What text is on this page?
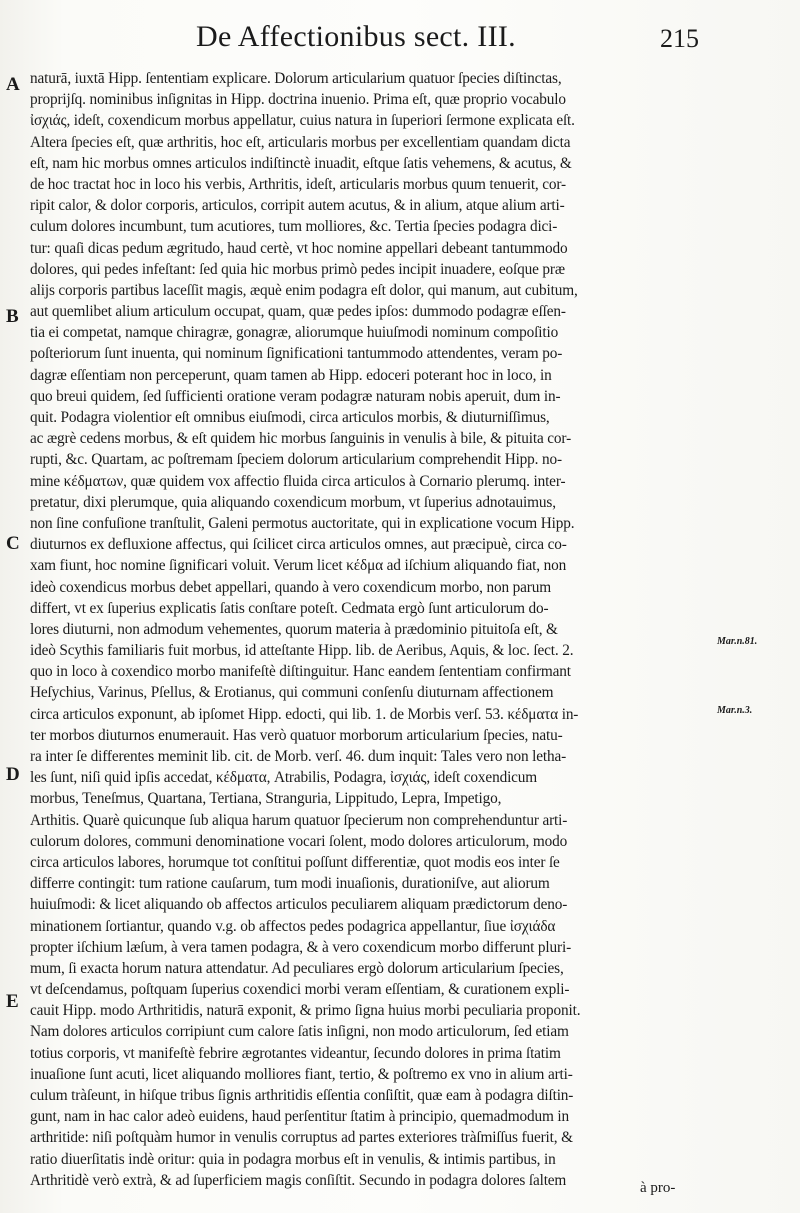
De Affectionibus sect. III.	215
A
B
C
D
E
Mar.n.81.
Mar.n.3.
naturā, iuxtā Hipp. ſententiam explicare. Dolorum articularium quatuor ſpecies diſtinctas,
proprijſq. nominibus inſignitas in Hipp. doctrina inuenio. Prima eſt, quæ proprio vocabulo
ἰσχιάς, ideſt, coxendicum morbus appellatur, cuius natura in ſuperiori ſermone explicata eſt.
Altera ſpecies eſt, quæ arthritis, hoc eſt, articularis morbus per excellentiam quandam dicta
eſt, nam hic morbus omnes articulos indiſtinctè inuadit, eſtque ſatis vehemens, & acutus, &
de hoc tractat hoc in loco his verbis, Arthritis, ideſt, articularis morbus quum tenuerit, cor-
ripit calor, & dolor corporis, articulos, corripit autem acutus, & in alium, atque alium arti-
culum dolores incumbunt, tum acutiores, tum molliores, &c. Tertia ſpecies podagra dici-
tur: quaſi dicas pedum ægritudo, haud certè, vt hoc nomine appellari debeant tantummodo
dolores, qui pedes infeſtant: ſed quia hic morbus primò pedes incipit inuadere, eoſque præ
alijs corporis partibus laceſſit magis, æquè enim podagra eſt dolor, qui manum, aut cubitum,
aut quemlibet alium articulum occupat, quam, quæ pedes ipſos: dummodo podagræ eſſen-
tia ei competat, namque chiragræ, gonagræ, aliorumque huiuſmodi nominum compoſitio
poſteriorum ſunt inuenta, qui nominum ſignificationi tantummodo attendentes, veram po-
dagræ eſſentiam non perceperunt, quam tamen ab Hipp. edoceri poterant hoc in loco, in
quo breui quidem, ſed ſufficienti oratione veram podagræ naturam nobis aperuit, dum in-
quit. Podagra violentior eſt omnibus eiuſmodi, circa articulos morbis, & diuturniſſimus,
ac ægrè cedens morbus, & eſt quidem hic morbus ſanguinis in venulis à bile, & pituita cor-
rupti, &c. Quartam, ac poſtremam ſpeciem dolorum articularium comprehendit Hipp. no-
mine κέδματων, quæ quidem vox affectio fluida circa articulos à Cornario plerumq. inter-
pretatur, dixi plerumque, quia aliquando coxendicum morbum, vt ſuperius adnotauimus,
non ſine confuſione tranſtulit, Galeni permotus auctoritate, qui in explicatione vocum Hipp.
diuturnos ex defluxione affectus, qui ſcilicet circa articulos omnes, aut præcipuè, circa co-
xam fiunt, hoc nomine ſignificari voluit. Verum licet κέδμα ad iſchium aliquando fiat, non
ideò coxendicus morbus debet appellari, quando à vero coxendicum morbo, non parum
differt, vt ex ſuperius explicatis ſatis conſtare poteſt. Cedmata ergò ſunt articulorum do-
lores diuturni, non admodum vehementes, quorum materia à prædominio pituitoſa eſt, &
ideò Scythis familiaris fuit morbus, id atteſtante Hipp. lib. de Aeribus, Aquis, & loc. ſect. 2.
quo in loco à coxendico morbo manifeſtè diſtinguitur. Hanc eandem ſententiam confirmant
Heſychius, Varinus, Pſellus, & Erotianus, qui communi conſenſu diuturnam affectionem
circa articulos exponunt, ab ipſomet Hipp. edocti, qui lib. 1. de Morbis verſ. 53. κέδματα in-
ter morbos diuturnos enumerauit. Has verò quatuor morborum articularium ſpecies, natu-
ra inter ſe differentes meminit lib. cit. de Morb. verſ. 46. dum inquit: Tales vero non letha-
les ſunt, niſi quid ipſis accedat, κέδματα, Atrabilis, Podagra, ἰσχιάς, ideſt coxendicum
morbus, Teneſmus, Quartana, Tertiana, Stranguria, Lippitudo, Lepra, Impetigo,
Arthitis. Quarè quicunque ſub aliqua harum quatuor ſpecierum non comprehenduntur arti-
culorum dolores, communi denominatione vocari ſolent, modo dolores articulorum, modo
circa articulos labores, horumque tot conſtitui poſſunt differentiæ, quot modis eos inter ſe
differre contingit: tum ratione cauſarum, tum modi inuaſionis, durationiſve, aut aliorum
huiuſmodi: & licet aliquando ob affectos articulos peculiarem aliquam prædictorum deno-
minationem ſortiantur, quando v.g. ob affectos pedes podagrica appellantur, ſiue ἰσχιάδα
propter iſchium læſum, à vera tamen podagra, & à vero coxendicum morbo differunt pluri-
mum, ſi exacta horum natura attendatur. Ad peculiares ergò dolorum articularium ſpecies,
vt deſcendamus, poſtquam ſuperius coxendici morbi veram eſſentiam, & curationem expli-
cauit Hipp. modo Arthritidis, naturā exponit, & primo ſigna huius morbi peculiaria proponit.
Nam dolores articulos corripiunt cum calore ſatis inſigni, non modo articulorum, ſed etiam
totius corporis, vt manifeſtè febrire ægrotantes videantur, ſecundo dolores in prima ſtatim
inuaſione ſunt acuti, licet aliquando molliores fiant, tertio, & poſtremo ex vno in alium arti-
culum tràſeunt, in hiſque tribus ſignis arthritidis eſſentia conſiſtit, quæ eam à podagra diſtin-
gunt, nam in hac calor adeò euidens, haud perſentitur ſtatim à principio, quemadmodum in
arthritide: niſi poſtquàm humor in venulis corruptus ad partes exteriores tràſmiſſus fuerit, &
ratio diuerſitatis indè oritur: quia in podagra morbus eſt in venulis, & intimis partibus, in
Arthritidè verò extrà, & ad ſuperficiem magis conſiſtit. Secundo in podagra dolores ſaltem	à pro-
